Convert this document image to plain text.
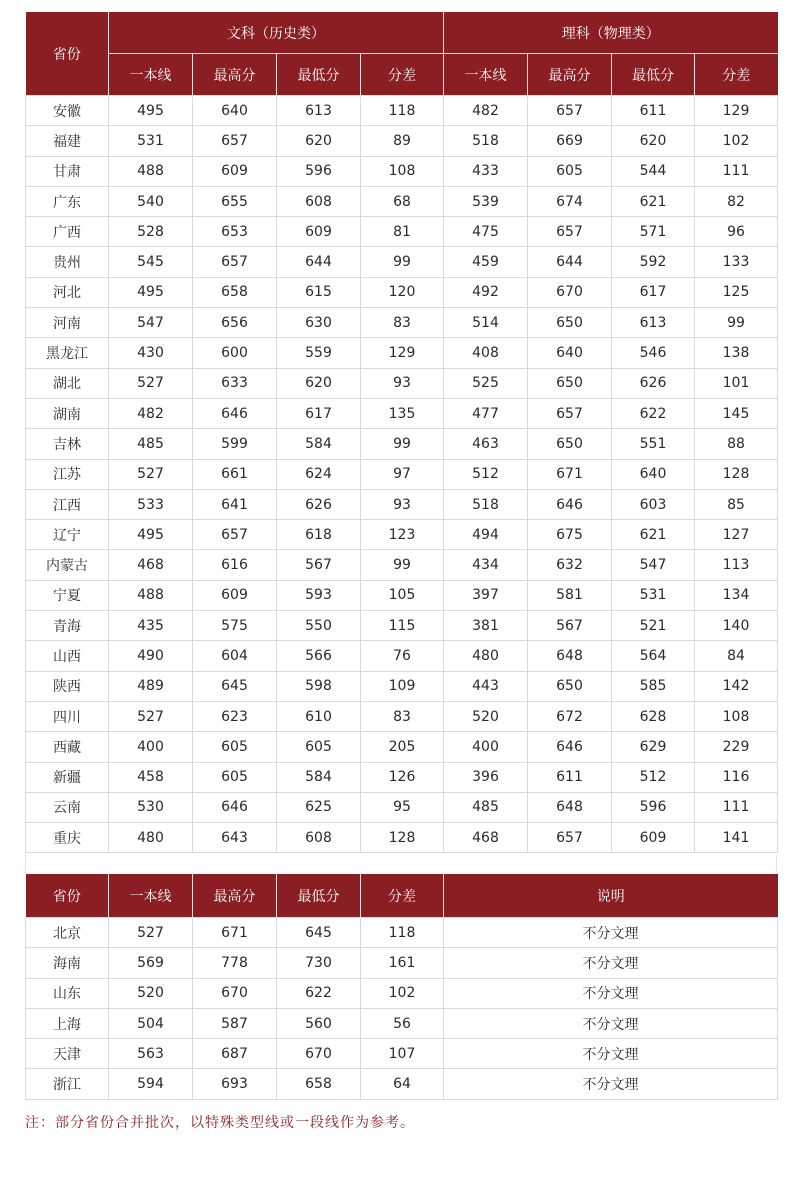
省份	文科（历史类）				理科（物理类）			
	一本线	最高分	最低分	分差	一本线	最高分	最低分	分差
安徽	495	640	613	118	482	657	611	129
福建	531	657	620	89	518	669	620	102
甘肃	488	609	596	108	433	605	544	111
广东	540	655	608	68	539	674	621	82
广西	528	653	609	81	475	657	571	96
贵州	545	657	644	99	459	644	592	133
河北	495	658	615	120	492	670	617	125
河南	547	656	630	83	514	650	613	99
黑龙江	430	600	559	129	408	640	546	138
湖北	527	633	620	93	525	650	626	101
湖南	482	646	617	135	477	657	622	145
吉林	485	599	584	99	463	650	551	88
江苏	527	661	624	97	512	671	640	128
江西	533	641	626	93	518	646	603	85
辽宁	495	657	618	123	494	675	621	127
内蒙古	468	616	567	99	434	632	547	113
宁夏	488	609	593	105	397	581	531	134
青海	435	575	550	115	381	567	521	140
山西	490	604	566	76	480	648	564	84
陕西	489	645	598	109	443	650	585	142
四川	527	623	610	83	520	672	628	108
西藏	400	605	605	205	400	646	629	229
新疆	458	605	584	126	396	611	512	116
云南	530	646	625	95	485	648	596	111
重庆	480	643	608	128	468	657	609	141
省份	一本线	最高分	最低分	分差	说明
北京	527	671	645	118	不分文理
海南	569	778	730	161	不分文理
山东	520	670	622	102	不分文理
上海	504	587	560	56	不分文理
天津	563	687	670	107	不分文理
浙江	594	693	658	64	不分文理
注：部分省份合并批次，以特殊类型线或一段线作为参考。
